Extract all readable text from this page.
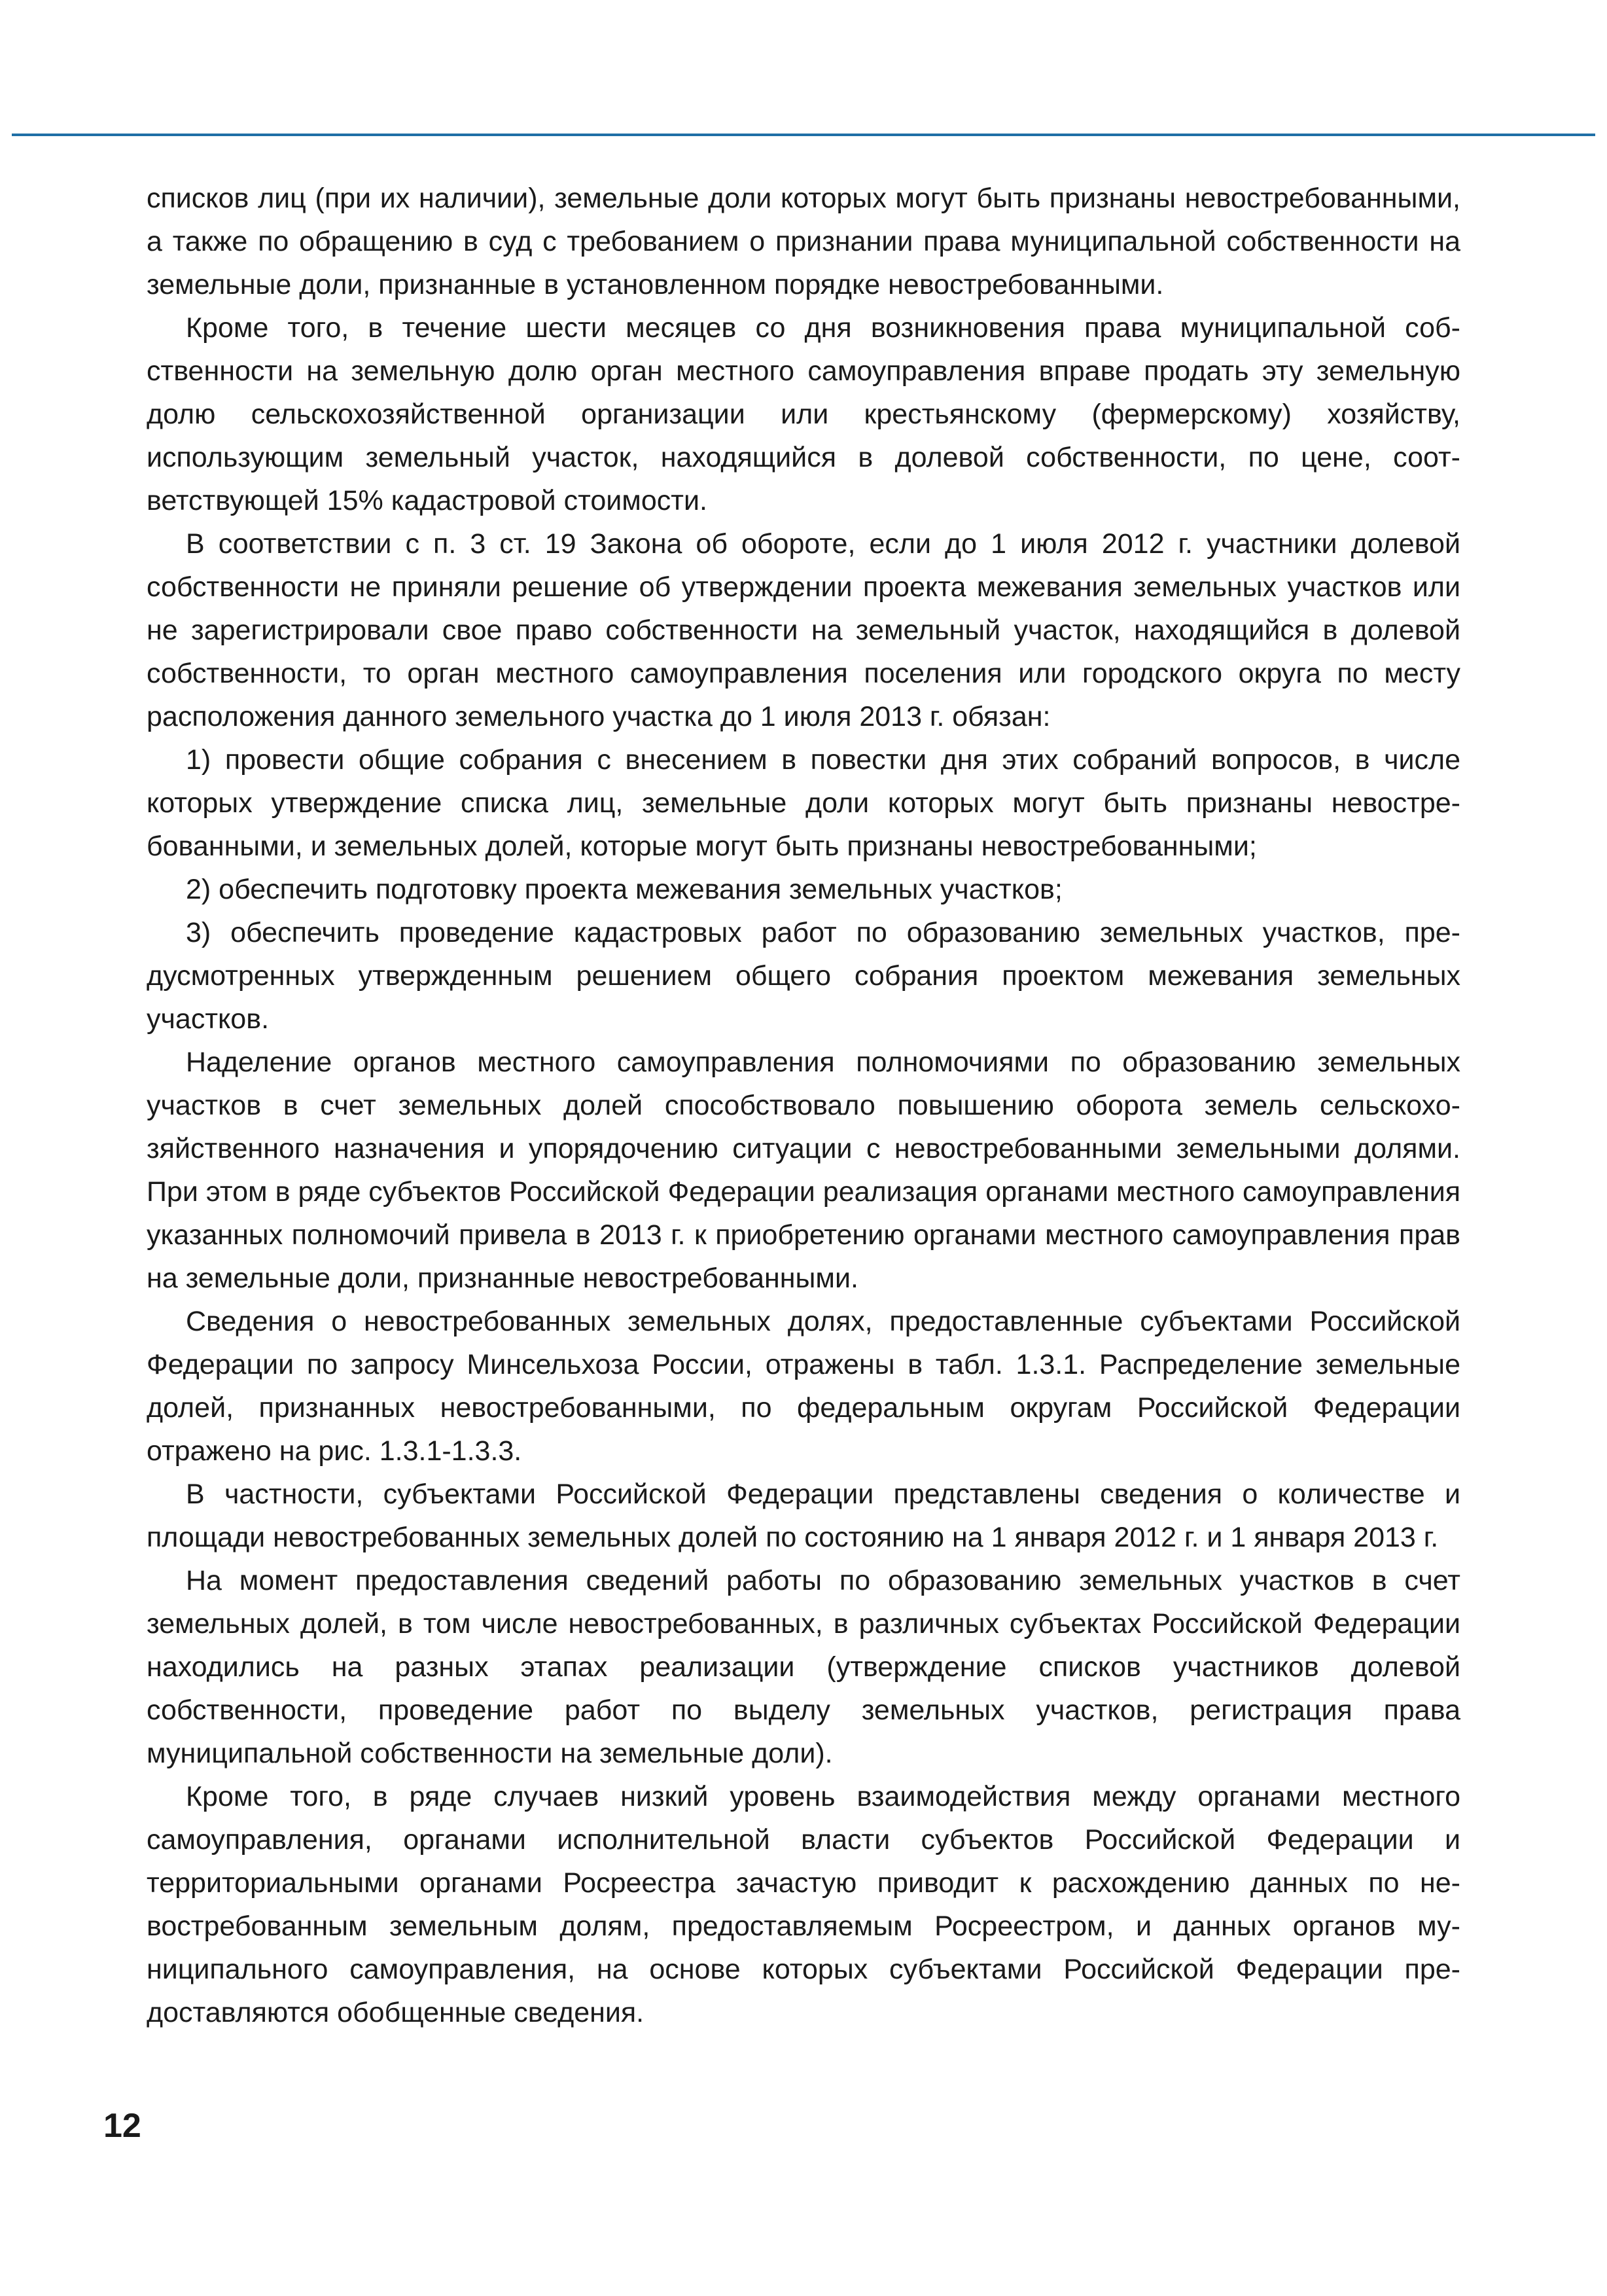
списков лиц (при их наличии), земельные доли которых могут быть признаны невостребованными, а также по обращению в суд с требованием о признании права муниципальной собственности на земельные доли, признанные в установленном порядке невостребованными.

Кроме того, в течение шести месяцев со дня возникновения права муниципальной собственности на земельную долю орган местного самоуправления вправе продать эту земельную долю сельскохозяйственной организации или крестьянскому (фермерскому) хозяйству, использующим земельный участок, находящийся в долевой собственности, по цене, соответствующей 15% кадастровой стоимости.

В соответствии с п. 3 ст. 19 Закона об обороте, если до 1 июля 2012 г. участники долевой собственности не приняли решение об утверждении проекта межевания земельных участков или не зарегистрировали свое право собственности на земельный участок, находящийся в долевой собственности, то орган местного самоуправления поселения или городского округа по месту расположения данного земельного участка до 1 июля 2013 г. обязан:

1) провести общие собрания с внесением в повестки дня этих собраний вопросов, в числе которых утверждение списка лиц, земельные доли которых могут быть признаны невостребованными, и земельных долей, которые могут быть признаны невостребованными;

2) обеспечить подготовку проекта межевания земельных участков;

3) обеспечить проведение кадастровых работ по образованию земельных участков, предусмотренных утвержденным решением общего собрания проектом межевания земельных участков.

Наделение органов местного самоуправления полномочиями по образованию земельных участков в счет земельных долей способствовало повышению оборота земель сельскохозяйственного назначения и упорядочению ситуации с невостребованными земельными долями. При этом в ряде субъектов Российской Федерации реализация органами местного самоуправления указанных полномочий привела в 2013 г. к приобретению органами местного самоуправления прав на земельные доли, признанные невостребованными.

Сведения о невостребованных земельных долях, предоставленные субъектами Российской Федерации по запросу Минсельхоза России, отражены в табл. 1.3.1. Распределение земельные долей, признанных невостребованными, по федеральным округам Российской Федерации отражено на рис. 1.3.1-1.3.3.

В частности, субъектами Российской Федерации представлены сведения о количестве и площади невостребованных земельных долей по состоянию на 1 января 2012 г. и 1 января 2013 г.

На момент предоставления сведений работы по образованию земельных участков в счет земельных долей, в том числе невостребованных, в различных субъектах Российской Федерации находились на разных этапах реализации (утверждение списков участников долевой собственности, проведение работ по выделу земельных участков, регистрация права муниципальной собственности на земельные доли).

Кроме того, в ряде случаев низкий уровень взаимодействия между органами местного самоуправления, органами исполнительной власти субъектов Российской Федерации и территориальными органами Росреестра зачастую приводит к расхождению данных по невостребованным земельным долям, предоставляемым Росреестром, и данных органов муниципального самоуправления, на основе которых субъектами Российской Федерации предоставляются обобщенные сведения.

12
